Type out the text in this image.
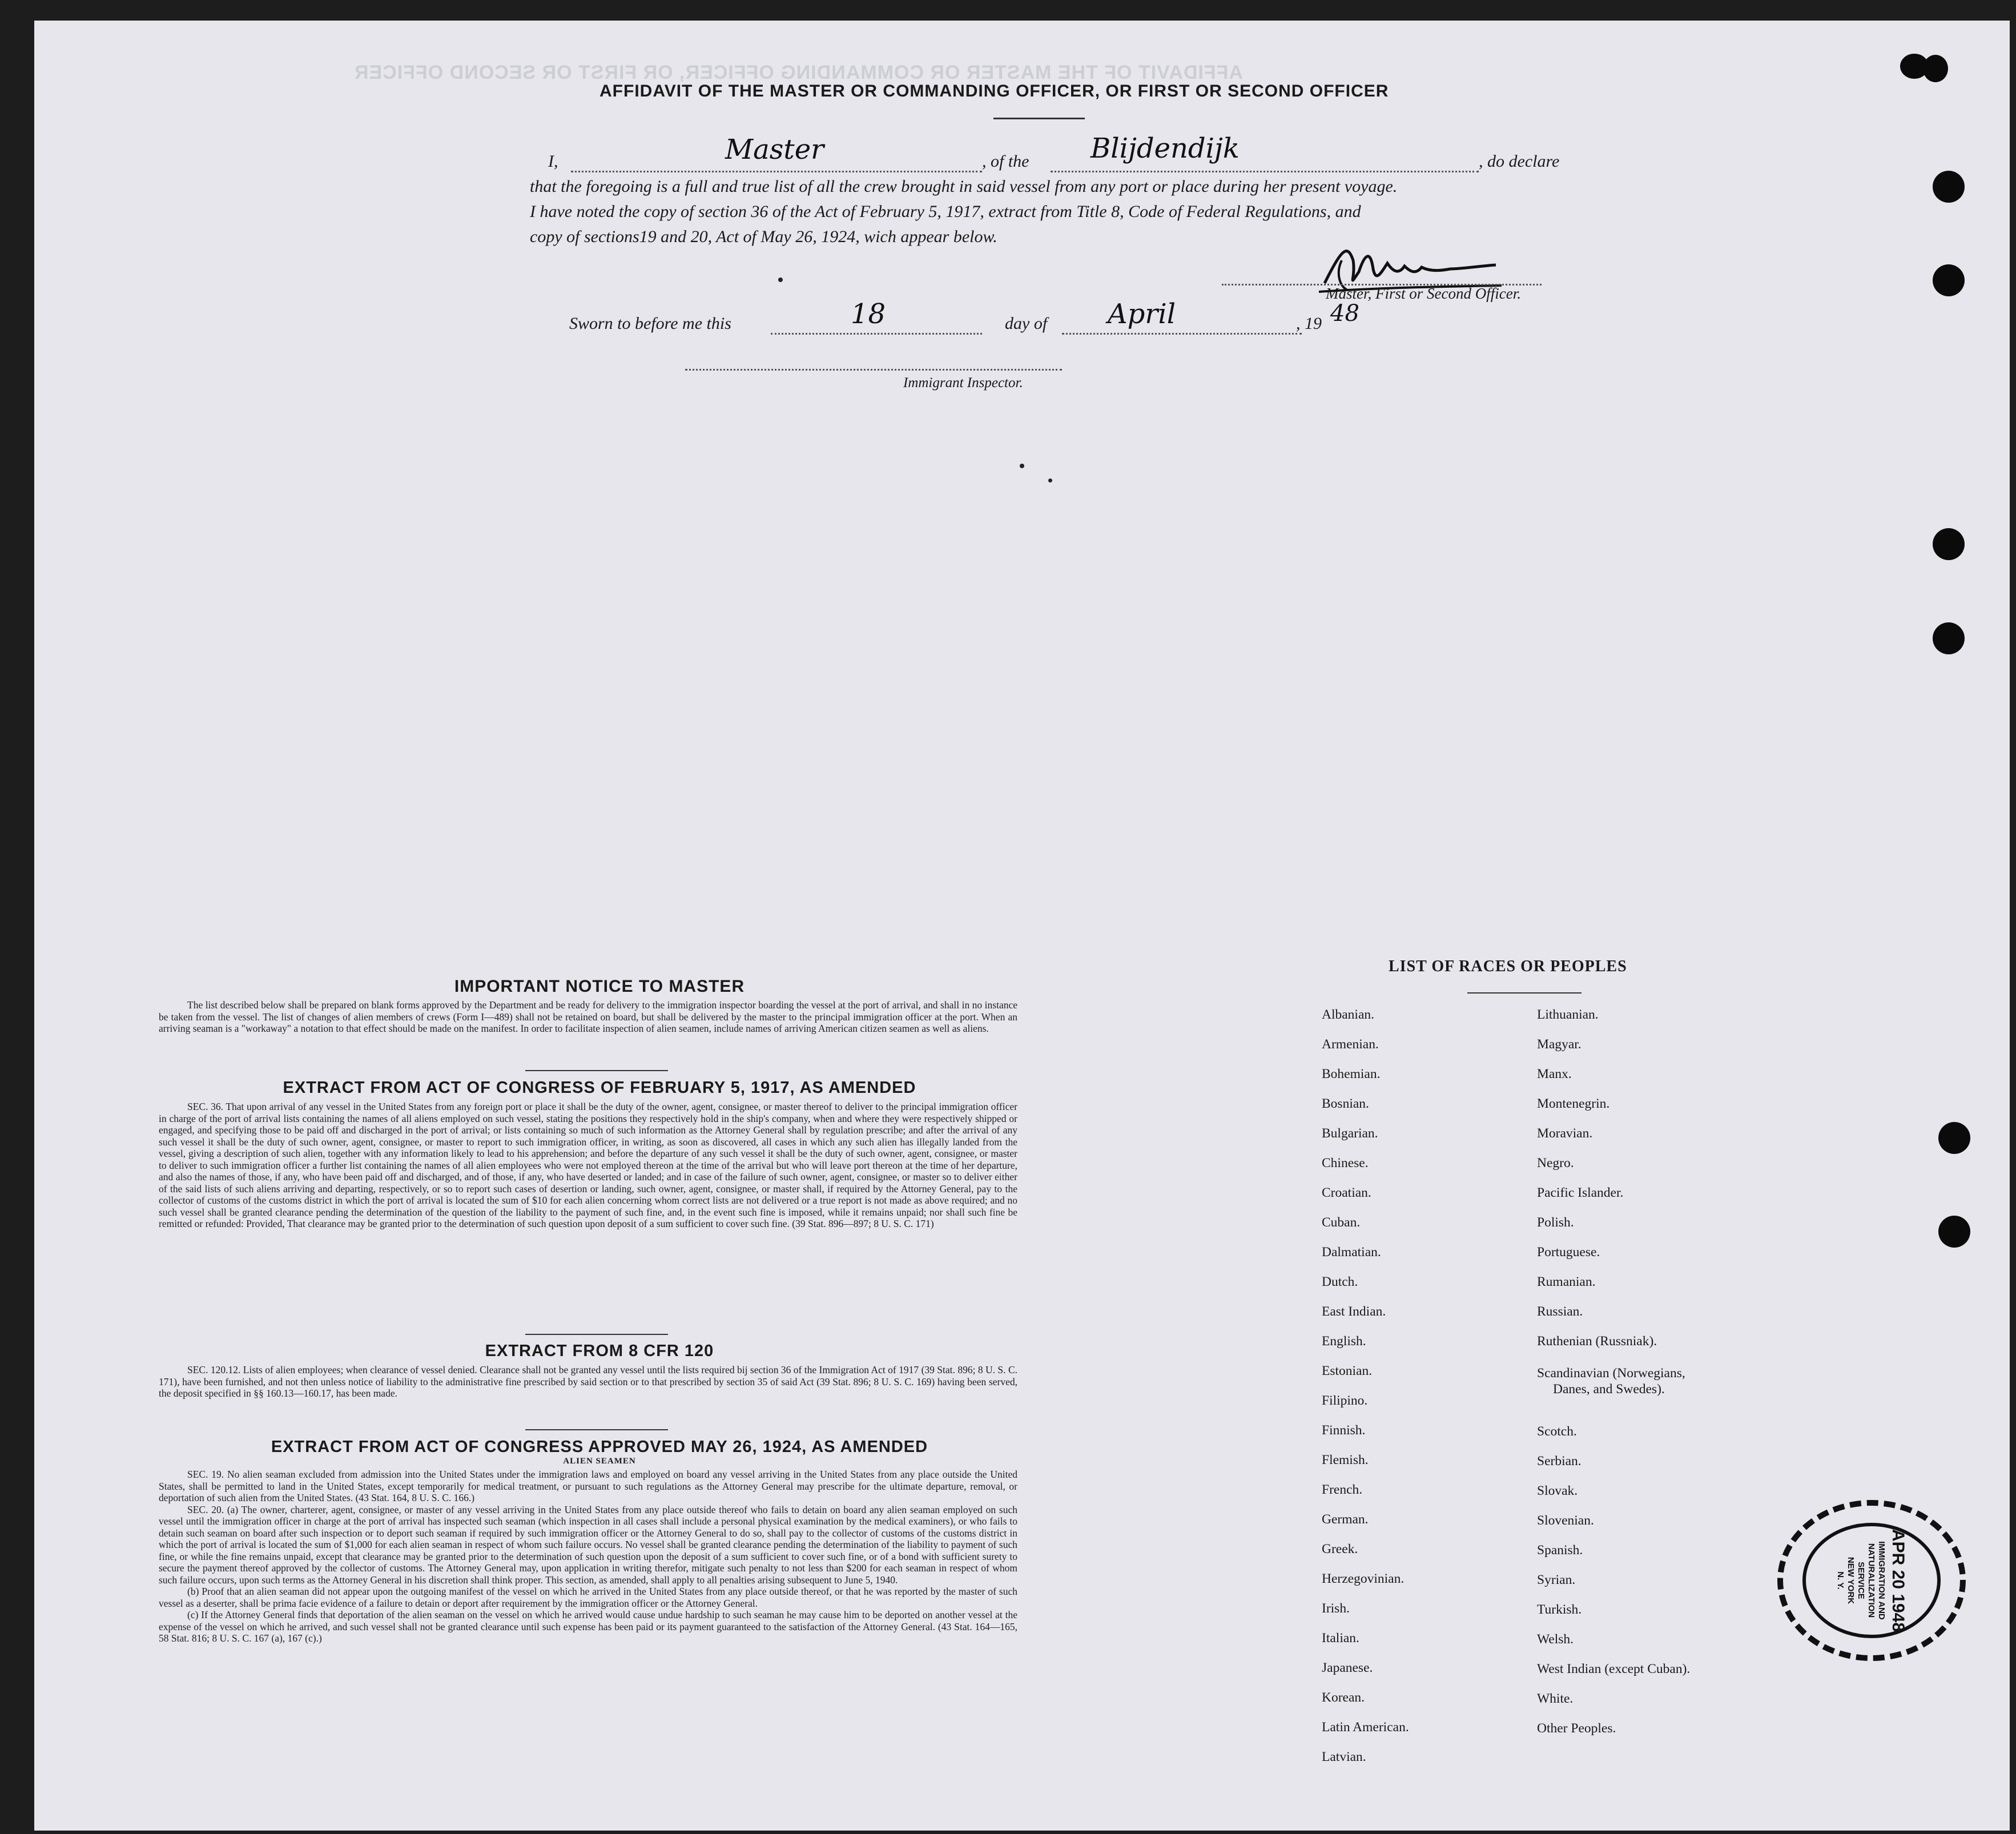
AFFIDAVIT OF THE MASTER OR COMMANDING OFFICER, OR FIRST OR SECOND OFFICER
AFFIDAVIT OF THE MASTER OR COMMANDING OFFICER, OR FIRST OR SECOND OFFICER
I,	Master	, of the Blijdendijk	, do declare
that the foregoing is a full and true list of all the crew brought in said vessel from any port or place during her present voyage.
I have noted the copy of section 36 of the Act of February 5, 1917, extract from Title 8, Code of Federal Regulations, and
copy of sections19 and 20, Act of May 26, 1924, wich appear below.
Master, First or Second Officer.
Sworn to before me this	18	day of April	, 19 48
Immigrant Inspector.
IMPORTANT NOTICE TO MASTER

The list described below shall be prepared on blank forms approved by the Department and be ready for delivery to the immigration inspector boarding the vessel at the port of arrival, and shall in no instance be taken from the vessel. The list of changes of alien members of crews (Form I—489) shall not be retained on board, but shall be delivered by the master to the principal immigration officer at the port. When an arriving seaman is a "workaway" a notation to that effect should be made on the manifest. In order to facilitate inspection of alien seamen, include names of arriving American citizen seamen as well as aliens.

EXTRACT FROM ACT OF CONGRESS OF FEBRUARY 5, 1917, AS AMENDED

SEC. 36. That upon arrival of any vessel in the United States from any foreign port or place it shall be the duty of the owner, agent, consignee, or master thereof to deliver to the principal immigration officer in charge of the port of arrival lists containing the names of all aliens employed on such vessel, stating the positions they respectively hold in the ship's company, when and where they were respectively shipped or engaged, and specifying those to be paid off and discharged in the port of arrival; or lists containing so much of such information as the Attorney General shall by regulation prescribe; and after the arrival of any such vessel it shall be the duty of such owner, agent, consignee, or master to report to such immigration officer, in writing, as soon as discovered, all cases in which any such alien has illegally landed from the vessel, giving a description of such alien, together with any information likely to lead to his apprehension; and before the departure of any such vessel it shall be the duty of such owner, agent, consignee, or master to deliver to such immigration officer a further list containing the names of all alien employees who were not employed thereon at the time of the arrival but who will leave port thereon at the time of her departure, and also the names of those, if any, who have been paid off and discharged, and of those, if any, who have deserted or landed; and in case of the failure of such owner, agent, consignee, or master so to deliver either of the said lists of such aliens arriving and departing, respectively, or so to report such cases of desertion or landing, such owner, agent, consignee, or master shall, if required by the Attorney General, pay to the collector of customs of the customs district in which the port of arrival is located the sum of $10 for each alien concerning whom correct lists are not delivered or a true report is not made as above required; and no such vessel shall be granted clearance pending the determination of the question of the liability to the payment of such fine, and, in the event such fine is imposed, while it remains unpaid; nor shall such fine be remitted or refunded: Provided, That clearance may be granted prior to the determination of such question upon deposit of a sum sufficient to cover such fine. (39 Stat. 896—897; 8 U. S. C. 171)

EXTRACT FROM 8 CFR 120

SEC. 120.12. Lists of alien employees; when clearance of vessel denied. Clearance shall not be granted any vessel until the lists required bij section 36 of the Immigration Act of 1917 (39 Stat. 896; 8 U. S. C. 171), have been furnished, and not then unless notice of liability to the administrative fine prescribed by said section or to that prescribed by section 35 of said Act (39 Stat. 896; 8 U. S. C. 169) having been served, the deposit specified in §§ 160.13—160.17, has been made.

EXTRACT FROM ACT OF CONGRESS APPROVED MAY 26, 1924, AS AMENDED
ALIEN SEAMEN

SEC. 19. No alien seaman excluded from admission into the United States under the immigration laws and employed on board any vessel arriving in the United States from any place outside the United States, shall be permitted to land in the United States, except temporarily for medical treatment, or pursuant to such regulations as the Attorney General may prescribe for the ultimate departure, removal, or deportation of such alien from the United States. (43 Stat. 164, 8 U. S. C. 166.)

SEC. 20. (a) The owner, charterer, agent, consignee, or master of any vessel arriving in the United States from any place outside thereof who fails to detain on board any alien seaman employed on such vessel until the immigration officer in charge at the port of arrival has inspected such seaman (which inspection in all cases shall include a personal physical examination by the medical examiners), or who fails to detain such seaman on board after such inspection or to deport such seaman if required by such immigration officer or the Attorney General to do so, shall pay to the collector of customs of the customs district in which the port of arrival is located the sum of $1,000 for each alien seaman in respect of whom such failure occurs. No vessel shall be granted clearance pending the determination of the liability to payment of such fine, or while the fine remains unpaid, except that clearance may be granted prior to the determination of such question upon the deposit of a sum sufficient to cover such fine, or of a bond with sufficient surety to secure the payment thereof approved by the collector of customs. The Attorney General may, upon application in writing therefor, mitigate such penalty to not less than $200 for each seaman in respect of whom such failure occurs, upon such terms as the Attorney General in his discretion shall think proper. This section, as amended, shall apply to all penalties arising subsequent to June 5, 1940.

(b) Proof that an alien seaman did not appear upon the outgoing manifest of the vessel on which he arrived in the United States from any place outside thereof, or that he was reported by the master of such vessel as a deserter, shall be prima facie evidence of a failure to detain or deport after requirement by the immigration officer or the Attorney General.

(c) If the Attorney General finds that deportation of the alien seaman on the vessel on which he arrived would cause undue hardship to such seaman he may cause him to be deported on another vessel at the expense of the vessel on which he arrived, and such vessel shall not be granted clearance until such expense has been paid or its payment guaranteed to the satisfaction of the Attorney General. (43 Stat. 164—165, 58 Stat. 816; 8 U. S. C. 167 (a), 167 (c).)

LIST OF RACES OR PEOPLES
Albanian.
Armenian.
Bohemian.
Bosnian.
Bulgarian.
Chinese.
Croatian.
Cuban.
Dalmatian.
Dutch.
East Indian.
English.
Estonian.
Filipino.
Finnish.
Flemish.
French.
German.
Greek.
Herzegovinian.
Irish.
Italian.
Japanese.
Korean.
Latin American.
Latvian.
Lithuanian.
Magyar.
Manx.
Montenegrin.
Moravian.
Negro.
Pacific Islander.
Polish.
Portuguese.
Rumanian.
Russian.
Ruthenian (Russniak).
Scandinavian (Norwegians,
Danes, and Swedes).
Scotch.
Serbian.
Slovak.
Slovenian.
Spanish.
Syrian.
Turkish.
Welsh.
West Indian (except Cuban).
White.
Other Peoples.
APR 20 1948
IMMIGRATION AND
NATURALIZATION
SERVICE
NEW YORK
N. Y.
